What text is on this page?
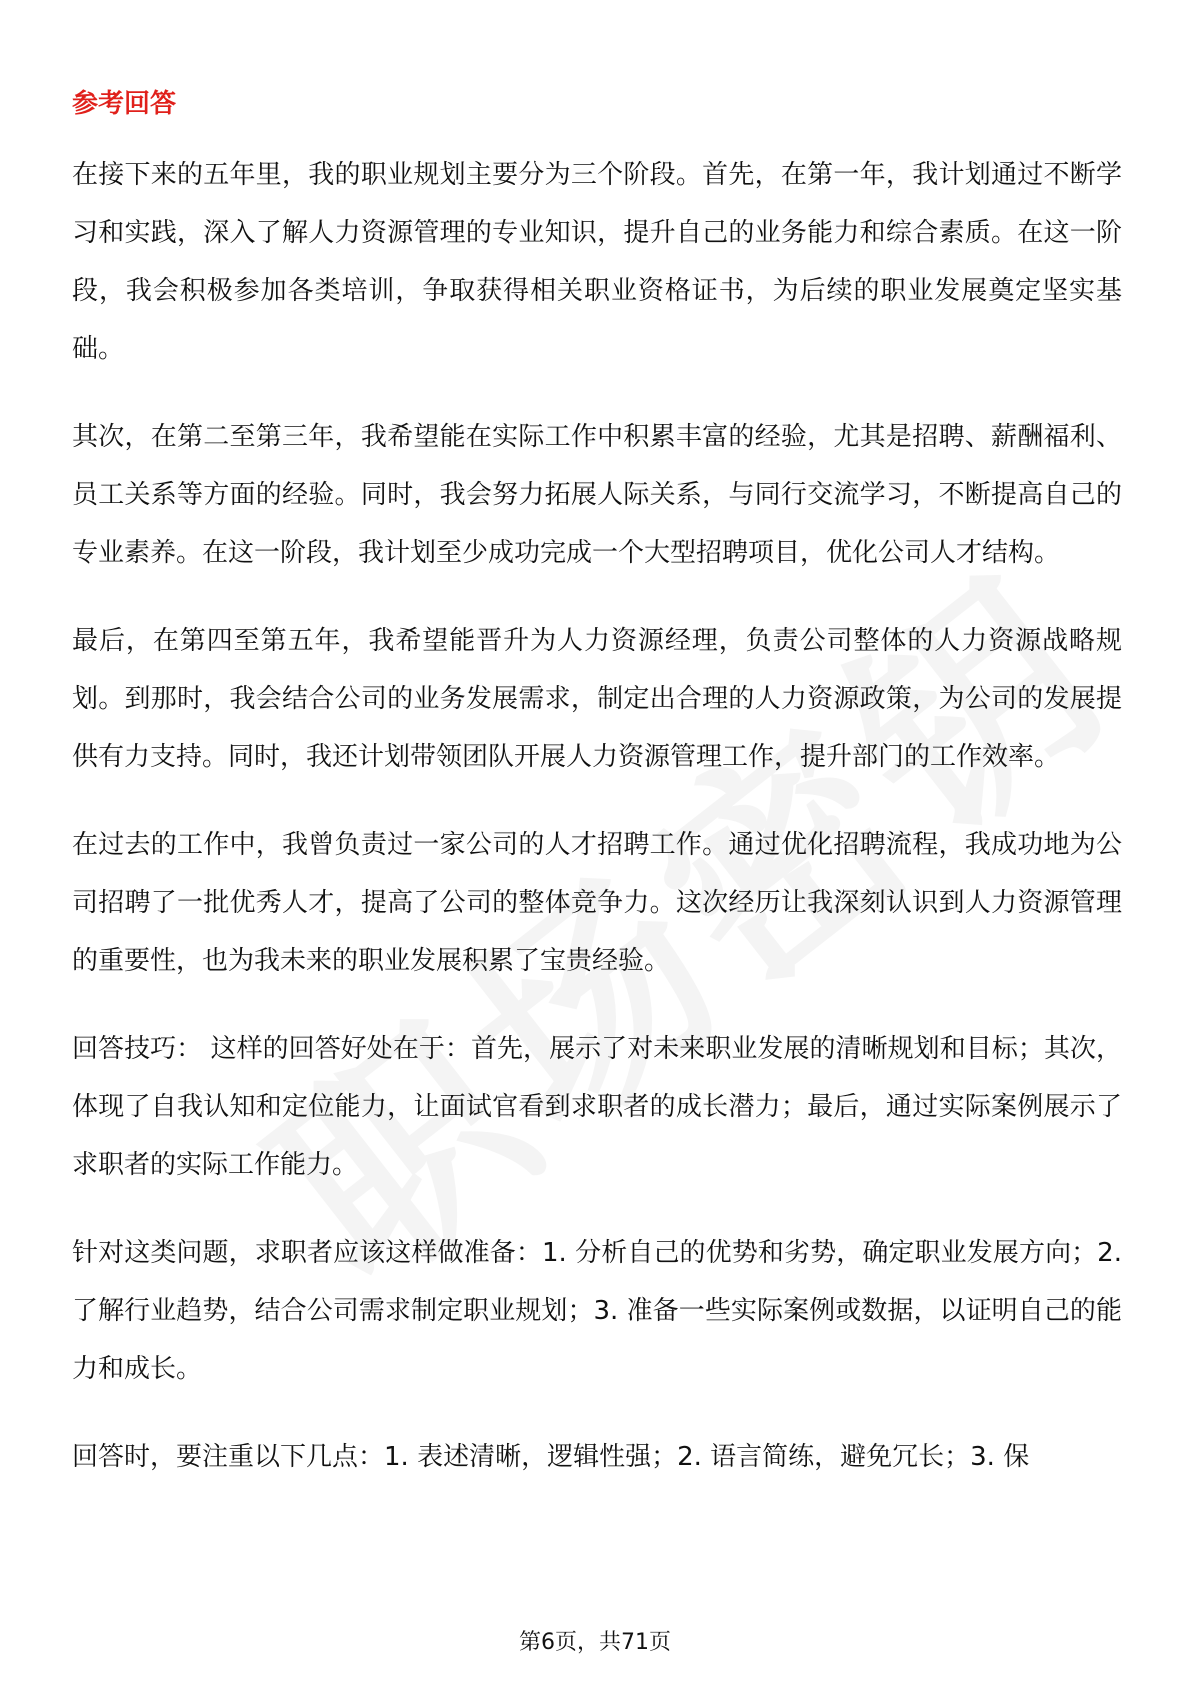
参考回答

在接下来的五年里，我的职业规划主要分为三个阶段。首先，在第一年，我计划通过不断学习和实践，深入了解人力资源管理的专业知识，提升自己的业务能力和综合素质。在这一阶段，我会积极参加各类培训，争取获得相关职业资格证书，为后续的职业发展奠定坚实基础。

其次，在第二至第三年，我希望能在实际工作中积累丰富的经验，尤其是招聘、薪酬福利、员工关系等方面的经验。同时，我会努力拓展人际关系，与同行交流学习，不断提高自己的专业素养。在这一阶段，我计划至少成功完成一个大型招聘项目，优化公司人才结构。

最后，在第四至第五年，我希望能晋升为人力资源经理，负责公司整体的人力资源战略规划。到那时，我会结合公司的业务发展需求，制定出合理的人力资源政策，为公司的发展提供有力支持。同时，我还计划带领团队开展人力资源管理工作，提升部门的工作效率。

在过去的工作中，我曾负责过一家公司的人才招聘工作。通过优化招聘流程，我成功地为公司招聘了一批优秀人才，提高了公司的整体竞争力。这次经历让我深刻认识到人力资源管理的重要性，也为我未来的职业发展积累了宝贵经验。

回答技巧： 这样的回答好处在于：首先，展示了对未来职业发展的清晰规划和目标；其次，体现了自我认知和定位能力，让面试官看到求职者的成长潜力；最后，通过实际案例展示了求职者的实际工作能力。

针对这类问题，求职者应该这样做准备：1. 分析自己的优势和劣势，确定职业发展方向；2. 了解行业趋势，结合公司需求制定职业规划；3. 准备一些实际案例或数据，以证明自己的能力和成长。

回答时，要注重以下几点：1. 表述清晰，逻辑性强；2. 语言简练，避免冗长；3. 保

第6页，共71页
